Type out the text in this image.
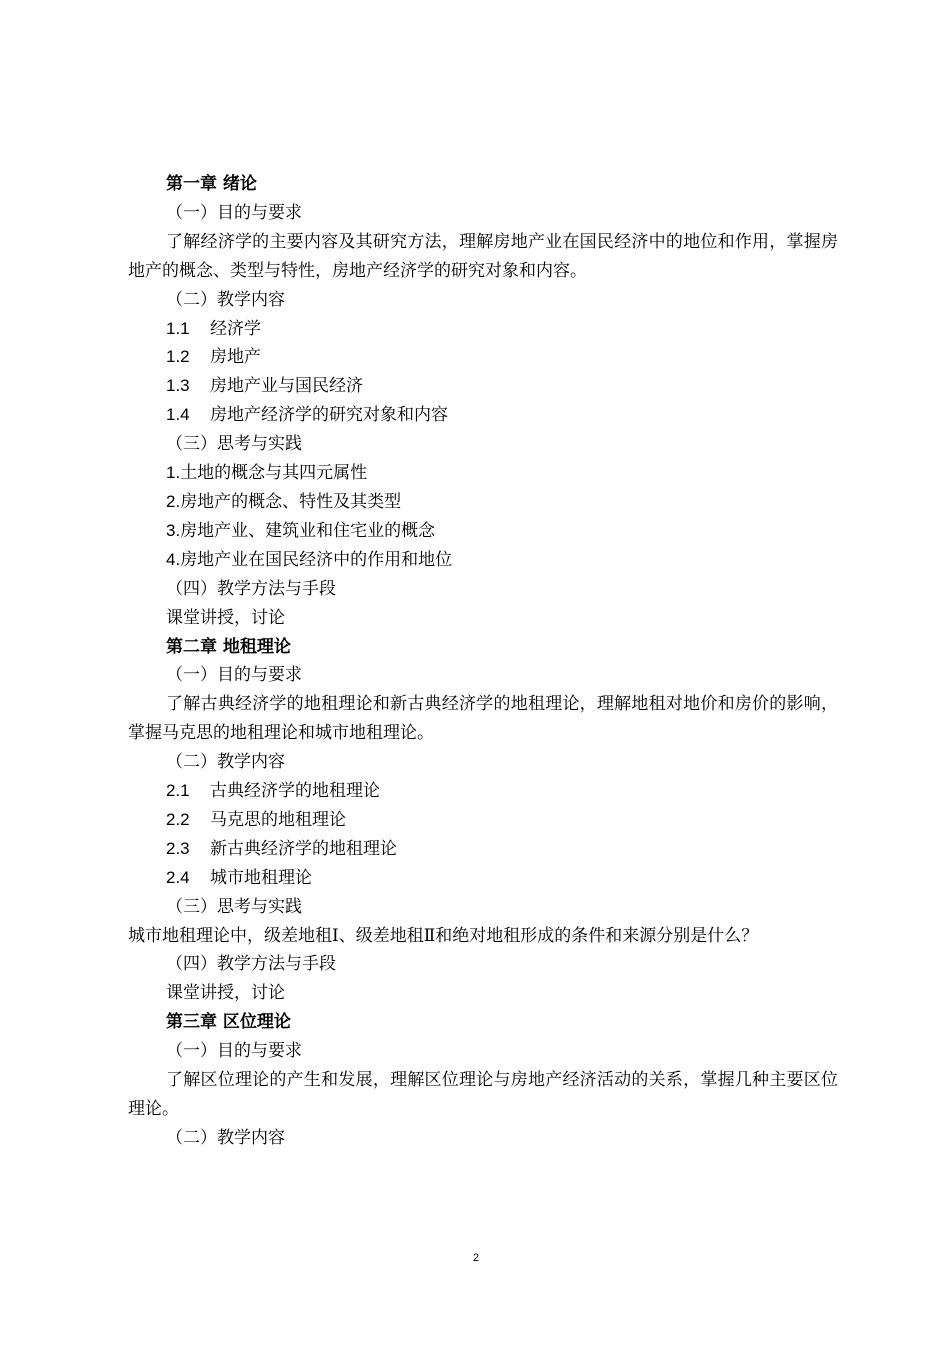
第一章 绪论
（一）目的与要求
了解经济学的主要内容及其研究方法，理解房地产业在国民经济中的地位和作用，掌握房地产的概念、类型与特性，房地产经济学的研究对象和内容。
（二）教学内容
1.1 经济学
1.2 房地产
1.3 房地产业与国民经济
1.4 房地产经济学的研究对象和内容
（三）思考与实践
1.土地的概念与其四元属性
2.房地产的概念、特性及其类型
3.房地产业、建筑业和住宅业的概念
4.房地产业在国民经济中的作用和地位
（四）教学方法与手段
课堂讲授，讨论
第二章 地租理论
（一）目的与要求
了解古典经济学的地租理论和新古典经济学的地租理论，理解地租对地价和房价的影响，掌握马克思的地租理论和城市地租理论。
（二）教学内容
2.1 古典经济学的地租理论
2.2 马克思的地租理论
2.3 新古典经济学的地租理论
2.4 城市地租理论
（三）思考与实践
城市地租理论中，级差地租Ⅰ、级差地租Ⅱ和绝对地租形成的条件和来源分别是什么？
（四）教学方法与手段
课堂讲授，讨论
第三章 区位理论
（一）目的与要求
了解区位理论的产生和发展，理解区位理论与房地产经济活动的关系，掌握几种主要区位理论。
（二）教学内容
2
